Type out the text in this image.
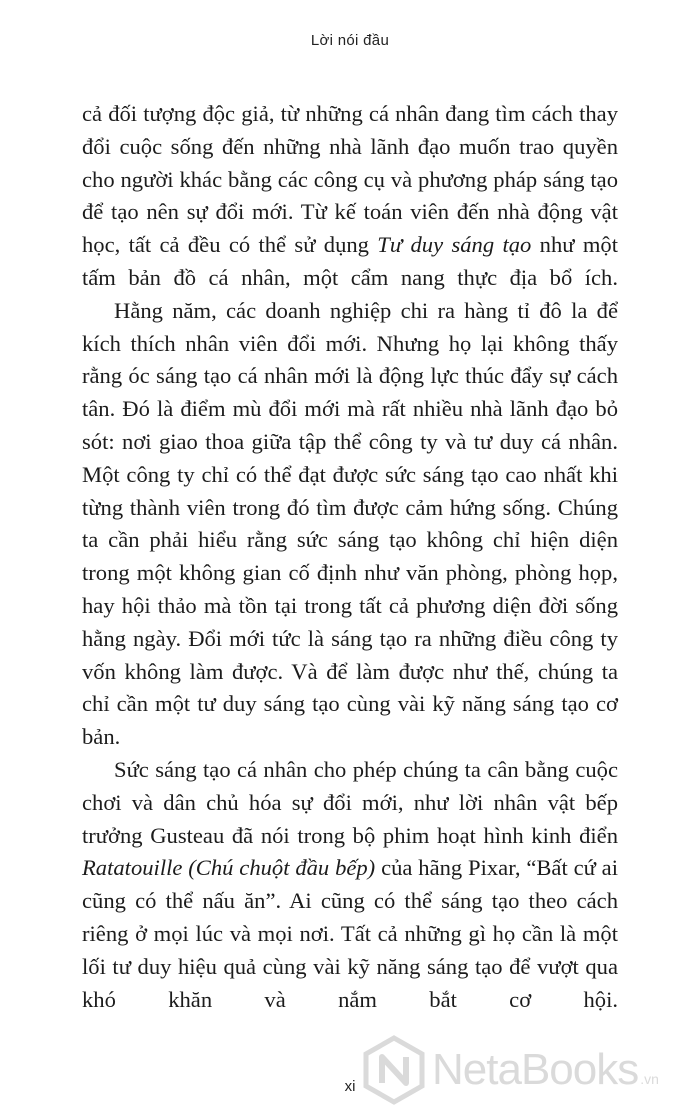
Lời nói đầu

cả đối tượng độc giả, từ những cá nhân đang tìm cách thay đổi cuộc sống đến những nhà lãnh đạo muốn trao quyền cho người khác bằng các công cụ và phương pháp sáng tạo để tạo nên sự đổi mới. Từ kế toán viên đến nhà động vật học, tất cả đều có thể sử dụng Tư duy sáng tạo như một tấm bản đồ cá nhân, một cẩm nang thực địa bổ ích.

Hằng năm, các doanh nghiệp chi ra hàng tỉ đô la để kích thích nhân viên đổi mới. Nhưng họ lại không thấy rằng óc sáng tạo cá nhân mới là động lực thúc đẩy sự cách tân. Đó là điểm mù đổi mới mà rất nhiều nhà lãnh đạo bỏ sót: nơi giao thoa giữa tập thể công ty và tư duy cá nhân. Một công ty chỉ có thể đạt được sức sáng tạo cao nhất khi từng thành viên trong đó tìm được cảm hứng sống. Chúng ta cần phải hiểu rằng sức sáng tạo không chỉ hiện diện trong một không gian cố định như văn phòng, phòng họp, hay hội thảo mà tồn tại trong tất cả phương diện đời sống hằng ngày. Đổi mới tức là sáng tạo ra những điều công ty vốn không làm được. Và để làm được như thế, chúng ta chỉ cần một tư duy sáng tạo cùng vài kỹ năng sáng tạo cơ bản.

Sức sáng tạo cá nhân cho phép chúng ta cân bằng cuộc chơi và dân chủ hóa sự đổi mới, như lời nhân vật bếp trưởng Gusteau đã nói trong bộ phim hoạt hình kinh điển Ratatouille (Chú chuột đầu bếp) của hãng Pixar, “Bất cứ ai cũng có thể nấu ăn”. Ai cũng có thể sáng tạo theo cách riêng ở mọi lúc và mọi nơi. Tất cả những gì họ cần là một lối tư duy hiệu quả cùng vài kỹ năng sáng tạo để vượt qua khó khăn và nắm bắt cơ hội.

xi	NetaBooks .vn
